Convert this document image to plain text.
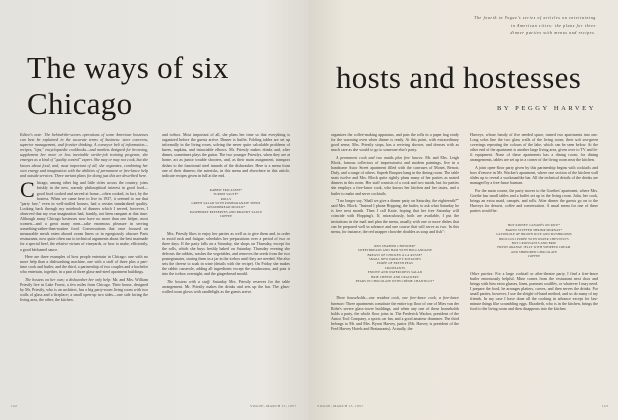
The ways of six Chicago

Editor's note: The behind-the-scenes operations of some American hostesses can best be explained in the accurate terms of business: store concerns, superior management, and frontier thinking. A conveyor belt of information—recipes, "tips," encyclopaedic cookbooks—and markets designed for browsing, supplement her more or less inevitable on-the-job training program; she emerges as a kind of "quality control" expert. She may or may not cook, but she knows about food, and, most important of all, she organizes, combining her own energy and imagination with the abilities of permanent or free-lance help and outside services. Three variant plans for doing just this are described here.

Chicago, among other big and little cities across the country, joins briskly in the new, warmly philosophical interest in good food—good food cooked and served at home—often cooked, in fact, by the hostess. When we came here to live in 1937, it seemed to me that "party fare," even in well-staffed houses, had a certain standardized quality. Looking back through my notebook of dinners which I served, however, I observed that my own imagination had, frankly, not been rampant at that time. Although many Chicago hostesses now have no more than one helper, most women—and a great many men—take enormous pleasure in serving something-rather-than-routine food. Conversations that once focused on measurable meals eaten aboard ocean liners or in egregiously obscure Paris restaurants, now quite often run to technical arguments about the best marinade for a special beef, the relative virtues of vineyards, or how to make, efficiently, a good béchamel sauce.

Here are three examples of how people entertain in Chicago: one with no more help than a dishwashing machine, one with a staff of three plus a part-time cook and butler, and the third, a partnership of two couples and a bachelor who entertain, together, in a pair of three glass-and-steel apartment buildings.

The hostess on her own; a dishwasher her only help: Mr. and Mrs. William Priestly live in Lake Forest, a few miles from Chicago. Their house, designed by Mr. Priestly, who is an architect, has a big party-room living room with two walls of glass and a fireplace; a small open-up two sides—one side facing the living area, the other, the kitchen.

and icebox. Most important of all, she plans her time so that everything is organized before the guests arrive. Dinner is buffet. Folding tables are set up informally in the living room, solving the never quite calculable problems of knees, napkins, and intractable elbows. Mr. Priestly makes drinks and, after dinner, sometimes plays the guitar. The two younger Priestlys, when they are at home, act as junior trouble shooters, and, as their main assignment, transport dishes to the functional steel innards of the dishwasher. Here is a menu from one of their dinners; the asterisks, in this menu and elsewhere in this article, indicate recipes given in full at the end.

RABBIT FRICASSEE*
TURNIP SAUTÉ*
ROLLS
GREEN SALAD WITH POMEGRANATE SEEDS
GINGERBREAD MOULD*
RASPBERRY PRESERVES AND BRANDY SAUCE
COFFEE

Mrs. Priestly likes to enjoy her parties as well as to give them and, in order to avoid rush and fatigue, schedules her preparations over a period of two or three days. If the party falls on a Saturday, she shops on Thursday, except for the rolls, which she buys freshly baked on Saturday. Thursday evening she defrosts the rabbits, washes the vegetables, and removes the seeds from the two pomegranates, storing them in a jar in the icebox until they are needed. She also sets the cheese to soak in wine (details with the recipe). On Friday she makes the rabbit casserole, adding all ingredients except the mushrooms, and puts it into the icebox overnight, and the gingerbread mould.

The hostess with a staff: Saturday Mrs. Priestly reserves for the table arrangement. Mr. Priestly makes the drinks and sets up the bar. The glass-walled room glows with candlelight as the guests arrive.

122	VOGUE, MARCH 15, 1957
The fourth in Vogue's series of articles on entertaining
in American cities: the plans for three
dinner parties with menus and recipes.
hosts and hostesses
BY PEGGY HARVEY

organizes the coffee-making apparatus, and puts the rolls in a paper bag ready for the warming oven when dinner is ready. At this point, with extraordinary good sense, Mrs. Priestly stops, has a reviving shower, and dresses with as much care as she would to go to someone else's party.

A permanent cook and two maids plus free lances: Mr. and Mrs. Leigh Block, famous collectors of impressionist and modern paintings, live in a handsome Astor Street apartment filled with the canvases of Monet, Renoir, Dufy, and a range of others. Superb Braques hang in the dining room. The table seats twelve and Mrs. Block quite rightly plans many of her parties as seated dinners in this room. Her staff consists of a cook and two maids, but for parties she employs a free-lance cook, who knows her kitchen and her tastes, and a butler to make and serve cocktails.

"I no longer say, 'Shall we give a dinner party on Saturday, the eighteenth?'" said Mrs. Block. "Instead I phone Hopping, the butler, to ask what Saturday he is free next month. Then I call Katie, hoping that her free Saturday will coincide with Hopping's. If, miraculously, both are available, I put the invitations in the mail and plan the menu, usually with one or more dishes that can be prepared well in advance and one course that will serve as two. In this menu, for instance, the red snapper chowder doubles as soup and fish":

RED SNAPPER CHOWDER*
SWEETBREADS AND HAM WITH HOLLANDAISE
BREAST OF CHICKEN À LA RUSSE*
SMALL NEW PARSLEY POTATOES
PURÉE OF FRESH PEAS
CROISSANTS
ENDIVE AND WATERCRESS SALAD
BRIE CHEESE AND CRACKERS
PEARS IN CHOCOLATE WITH CRÈME CHANTILLY*

Three households—one resident cook, one free-lance cook, a free-lance barman: Three apartments constitute the entire top floor of one of Mies van der Rohe's severe glass-tower buildings, and when any one of these households holds a party, the whole floor joins in. The Frederick Wacker, president of the Ansco Tool Company, a sports car fan, and a good amateur drummer. The third belongs to Mr. and Mrs. Byron Harvey, junior (Mr. Harvey is president of the Fred Harvey Hotels and Restaurants). Actually, the

Harveys, whose family of five needed space, turned two apartments into one. Long sofas line the two glass walls of the living room; their soft sea-green coverings repeating the colours of the lake, which can be seen below. At the other end of the apartment is another large living area, given over to TV and hi-fi equipment. None of these apartments has a dining room; for dining arrangements, tables are set up in a corner of the living room near the kitchen.

A joint open-floor party given by this partnership begins with cocktails and hors d'oeuvre in Mr. Wacker's apartment, where one section of the kitchen wall slides up to reveal a workmanlike bar. All the technical details of the drinks are managed by a free-lance barman.

For the main course, the party moves to the Goethes' apartment, where Mrs. Goethe has small tables and a buffet set up in the living room. Julia, her cook, brings an extra maid, canapés, and rolls. After dinner the guests go on to the Harveys for dessert, coffee and conversation. A usual menu for one of these parties would be:

HOT KIDNEY CANAPÉS ON RICE*
BAKED STUFFED SHRIMP MORNAY*
CASSEROLE OF BROWN RICE AND MUSHROOMS
BROCCOLI PURÉE WITH WATER CHESTNUTS
HOT CROISSANTS AND BRIE
FRESH ORANGE JELLY WITH WHIPPED CREAM
AND SHREDDED CHOCOLATE
COFFEE

Other parties: For a large cocktail or after-theatre party, I find a free-lance butler enormously helpful. Mine comes from the restaurant next door and brings with him extra glasses, linen, pommes soufflés, or whatever I may need. I prepare the food, he arranges platters, carves, and then serves the drinks. For small parties, however, I use the sleight-of-hand method, and so do many of my friends. In my case I have done all the cooking in advance except for last-minute things like scrambling eggs. Elizabeth, who is in the kitchen, brings the food to the living room and then disappears into the kitchen.

VOGUE, MARCH 15, 1957	123
